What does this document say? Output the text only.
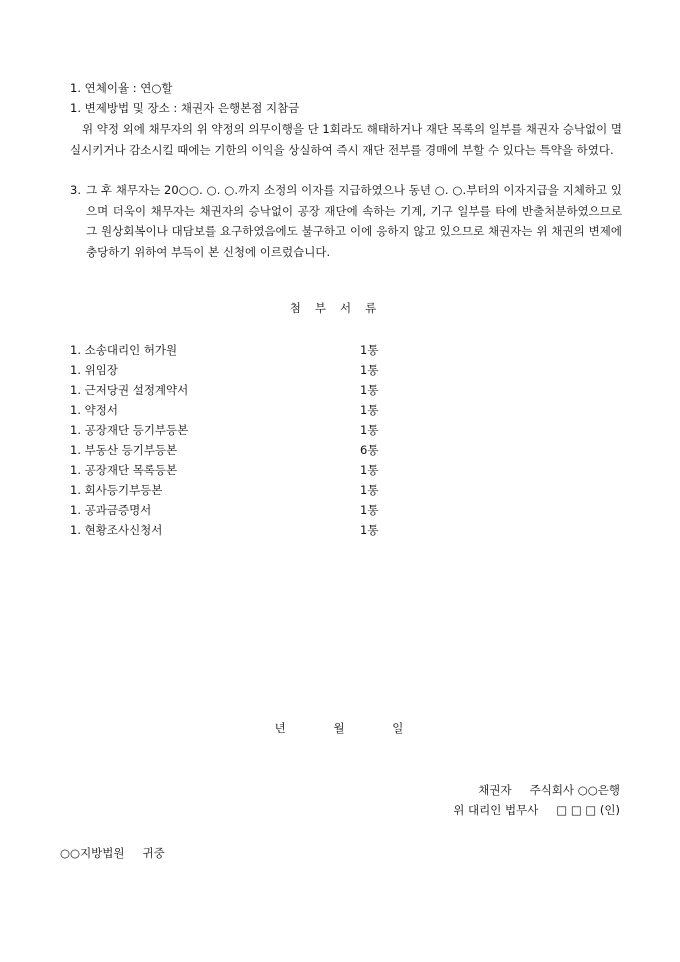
1. 연체이율 : 연○할
1. 변제방법 및 장소 : 채권자 은행본점 지참금
위 약정 외에 채무자의 위 약정의 의무이행을 단 1회라도 해태하거나 재단 목록의 일부를 채권자 승낙없이 멸실시키거나 감소시킬 때에는 기한의 이익을 상실하여 즉시 재단 전부를 경매에 부할 수 있다는 특약을 하였다.
3. 그 후 채무자는 20○○. ○. ○.까지 소정의 이자를 지급하였으나 동년 ○. ○.부터의 이자지급을 지체하고 있으며 더욱이 채무자는 채권자의 승낙없이 공장 재단에 속하는 기계, 기구 일부를 타에 반출처분하였으므로 그 원상회복이나 대담보를 요구하였음에도 불구하고 이에 응하지 않고 있으므로 채권자는 위 채권의 변제에 충당하기 위하여 부득이 본 신청에 이르렀습니다.
첨부서류
1. 소송대리인 허가원	1통
1. 위임장	1통
1. 근저당권 설정계약서	1통
1. 약정서	1통
1. 공장재단 등기부등본	1통
1. 부동산 등기부등본	6통
1. 공장재단 목록등본	1통
1. 회사등기부등본	1통
1. 공과금증명서	1통
1. 현황조사신청서	1통
년	월	일
채권자 주식회사 ○○은행
위 대리인 법무사 □ □ □ (인)
○○지방법원 귀중
